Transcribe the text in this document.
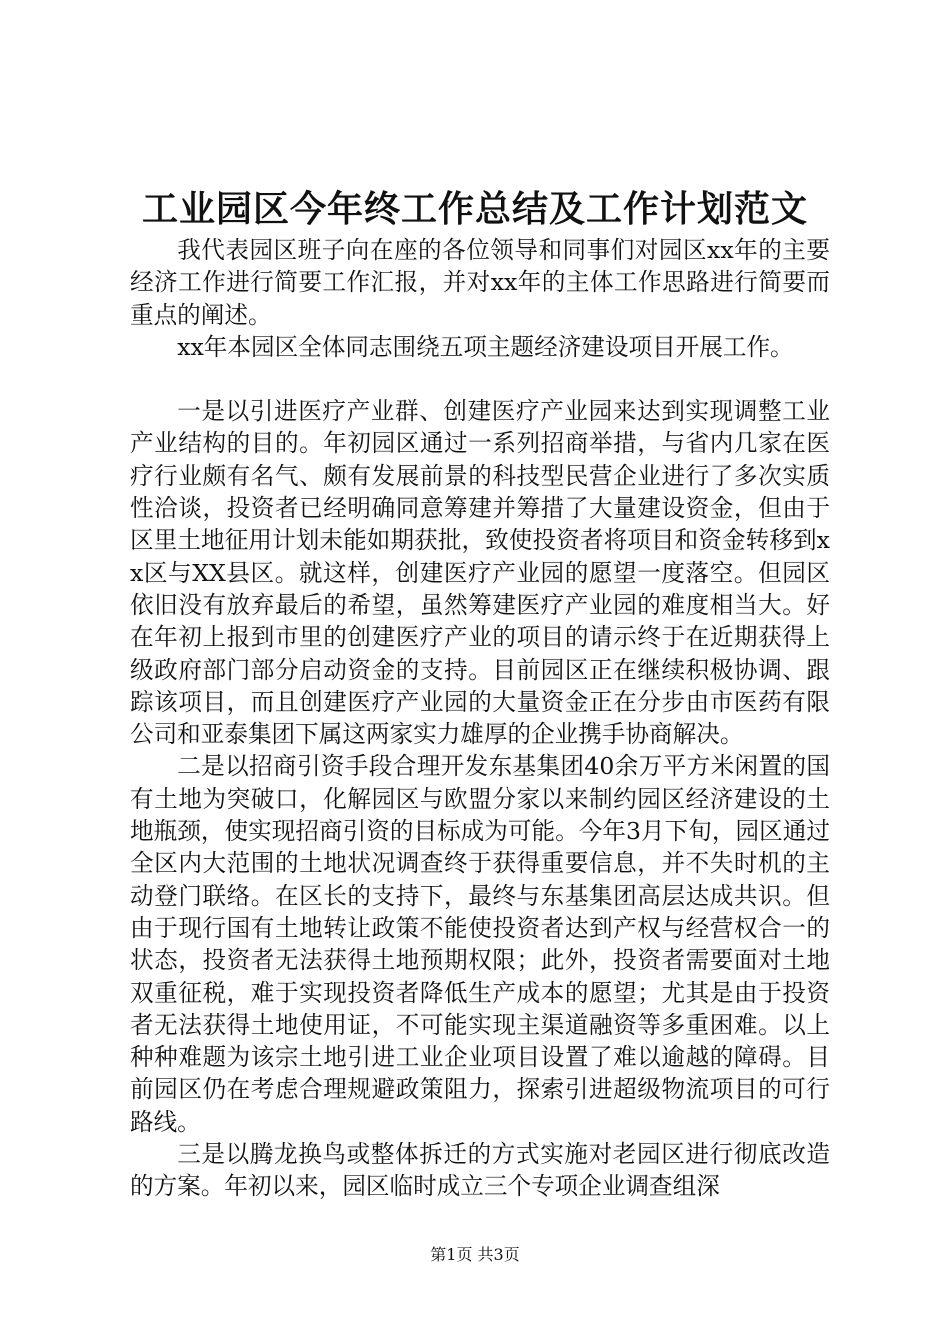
工业园区今年终工作总结及工作计划范文

我代表园区班子向在座的各位领导和同事们对园区xx年的主要经济工作进行简要工作汇报，并对xx年的主体工作思路进行简要而重点的阐述。

xx年本园区全体同志围绕五项主题经济建设项目开展工作。

一是以引进医疗产业群、创建医疗产业园来达到实现调整工业产业结构的目的。年初园区通过一系列招商举措，与省内几家在医疗行业颇有名气、颇有发展前景的科技型民营企业进行了多次实质性洽谈，投资者已经明确同意筹建并筹措了大量建设资金，但由于区里土地征用计划未能如期获批，致使投资者将项目和资金转移到xx区与XX县区。就这样，创建医疗产业园的愿望一度落空。但园区依旧没有放弃最后的希望，虽然筹建医疗产业园的难度相当大。好在年初上报到市里的创建医疗产业的项目的请示终于在近期获得上级政府部门部分启动资金的支持。目前园区正在继续积极协调、跟踪该项目，而且创建医疗产业园的大量资金正在分步由市医药有限公司和亚泰集团下属这两家实力雄厚的企业携手协商解决。

二是以招商引资手段合理开发东基集团40余万平方米闲置的国有土地为突破口，化解园区与欧盟分家以来制约园区经济建设的土地瓶颈，使实现招商引资的目标成为可能。今年3月下旬，园区通过全区内大范围的土地状况调查终于获得重要信息，并不失时机的主动登门联络。在区长的支持下，最终与东基集团高层达成共识。但由于现行国有土地转让政策不能使投资者达到产权与经营权合一的状态，投资者无法获得土地预期权限；此外，投资者需要面对土地双重征税，难于实现投资者降低生产成本的愿望；尤其是由于投资者无法获得土地使用证，不可能实现主渠道融资等多重困难。以上种种难题为该宗土地引进工业企业项目设置了难以逾越的障碍。目前园区仍在考虑合理规避政策阻力，探索引进超级物流项目的可行路线。

三是以腾龙换鸟或整体拆迁的方式实施对老园区进行彻底改造的方案。年初以来，园区临时成立三个专项企业调查组深

第1页 共3页
